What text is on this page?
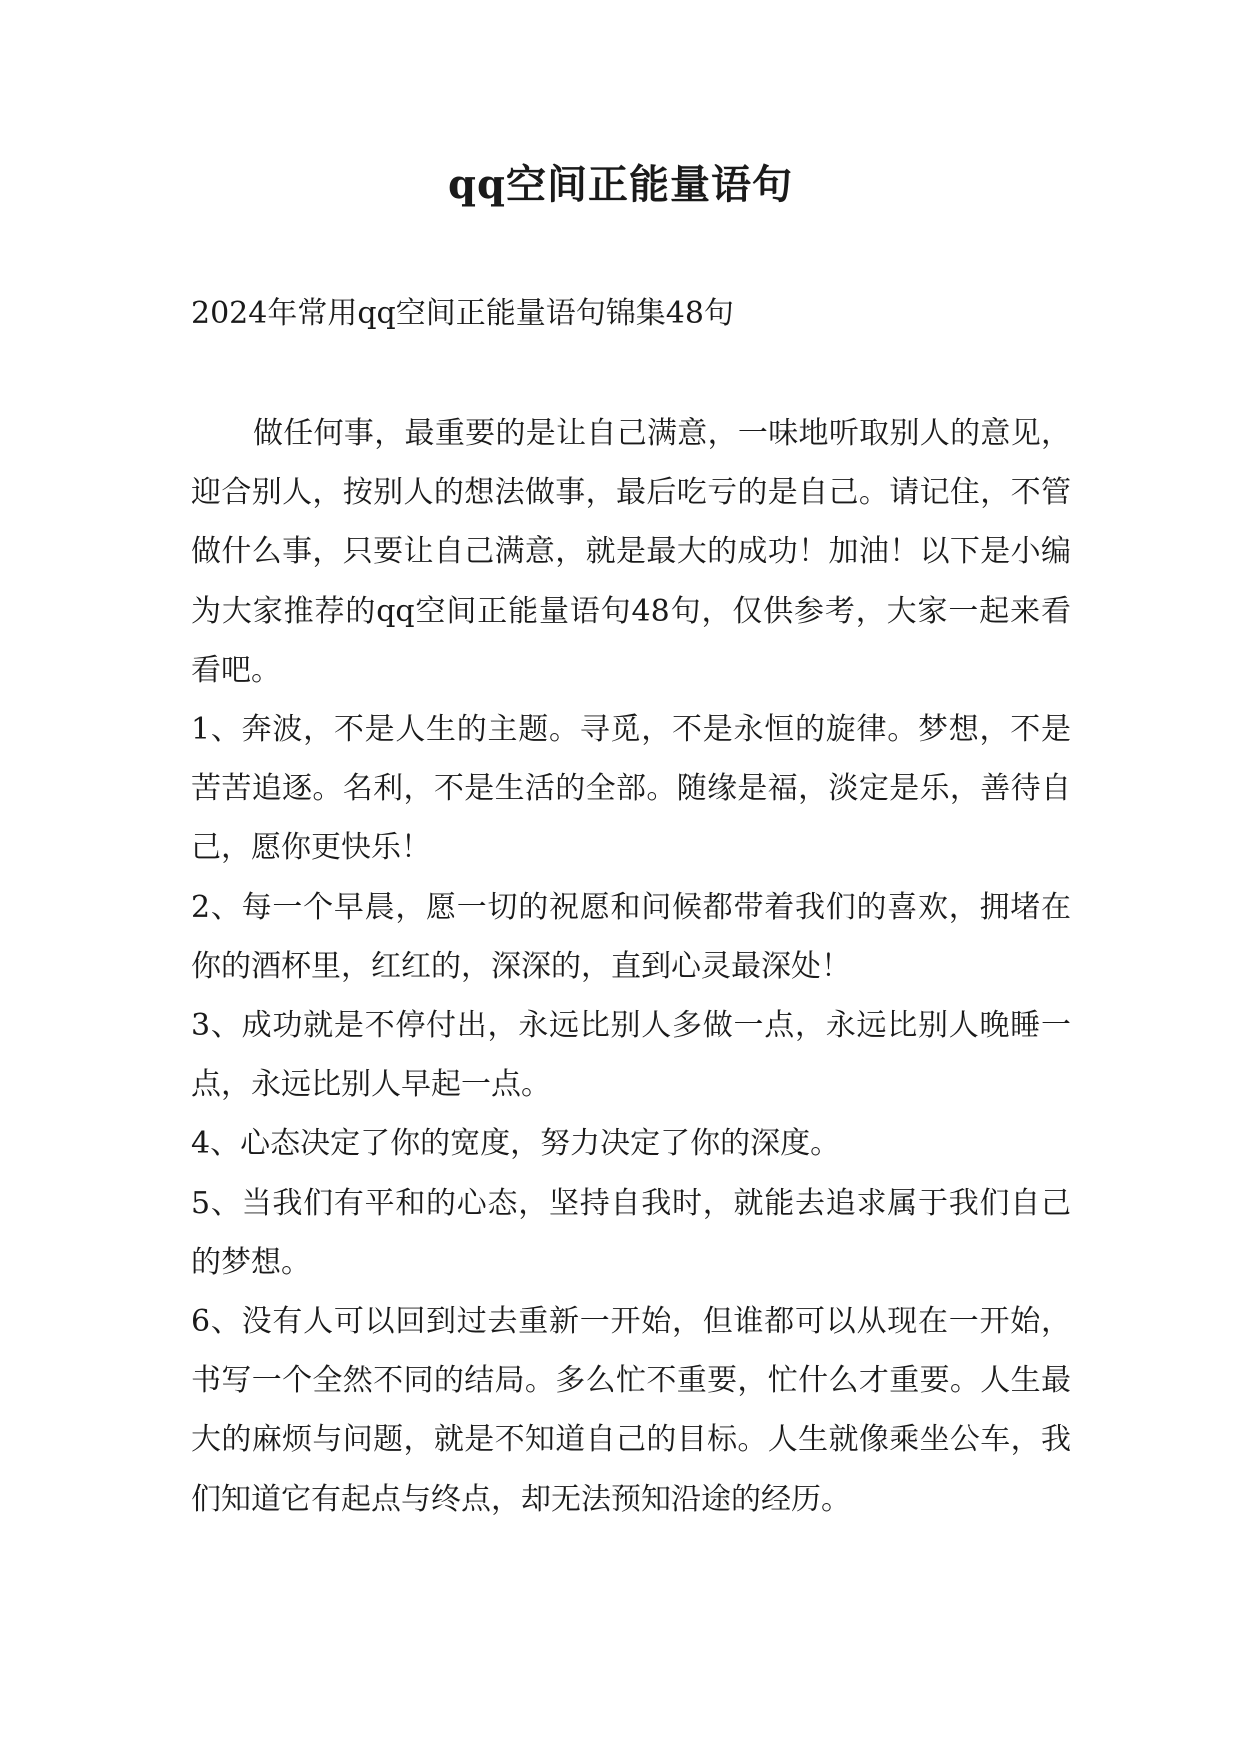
qq空间正能量语句
2024年常用qq空间正能量语句锦集48句

做任何事，最重要的是让自己满意，一味地听取别人的意见，迎合别人，按别人的想法做事，最后吃亏的是自己。请记住，不管做什么事，只要让自己满意，就是最大的成功！加油！以下是小编为大家推荐的qq空间正能量语句48句，仅供参考，大家一起来看看吧。

1、奔波，不是人生的主题。寻觅，不是永恒的旋律。梦想，不是苦苦追逐。名利，不是生活的全部。随缘是福，淡定是乐，善待自己，愿你更快乐！

2、每一个早晨，愿一切的祝愿和问候都带着我们的喜欢，拥堵在你的酒杯里，红红的，深深的，直到心灵最深处！

3、成功就是不停付出，永远比别人多做一点，永远比别人晚睡一点，永远比别人早起一点。

4、心态决定了你的宽度，努力决定了你的深度。

5、当我们有平和的心态，坚持自我时，就能去追求属于我们自己的梦想。

6、没有人可以回到过去重新一开始，但谁都可以从现在一开始，书写一个全然不同的结局。多么忙不重要，忙什么才重要。人生最大的麻烦与问题，就是不知道自己的目标。人生就像乘坐公车，我们知道它有起点与终点，却无法预知沿途的经历。
